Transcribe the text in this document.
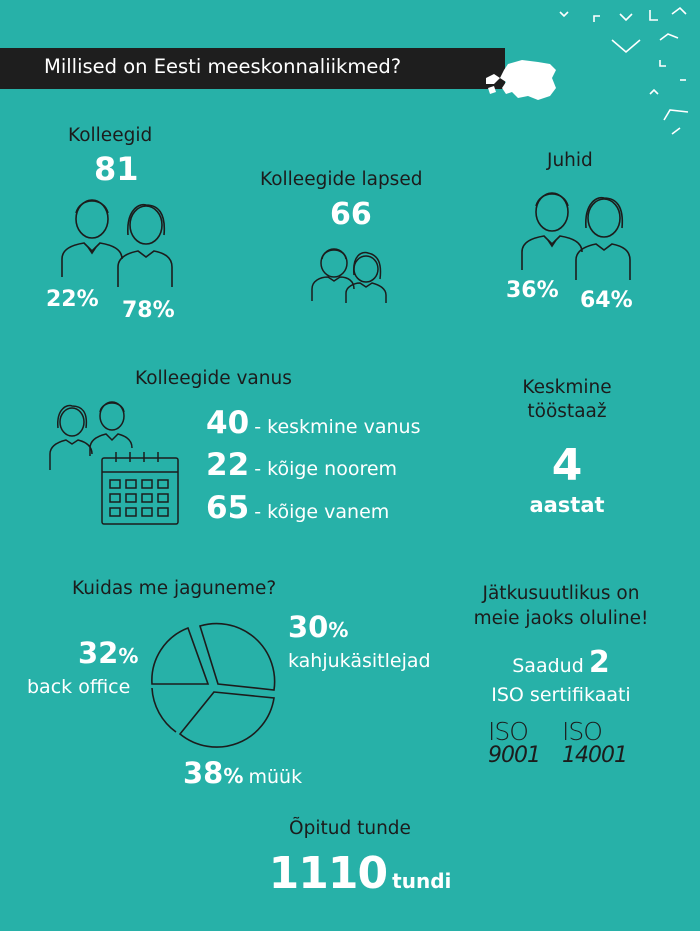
Millised on Eesti meeskonnaliikmed?
Kolleegid
81
22% 78%
Kolleegide lapsed
66
Juhid
36% 64%
Kolleegide vanus
40 - keskmine vanus
22 - kõige noorem
65 - kõige vanem
Keskmine
tööstaaž
4
aastat
Kuidas me jaguneme?
32%
back office
30%
kahjukäsitlejad
38% müük
Jätkusuutlikus on
meie jaoks oluline!
Saadud 2
ISO sertifikaati
ISO
9001
ISO
14001
Õpitud tunde
1110 tundi
